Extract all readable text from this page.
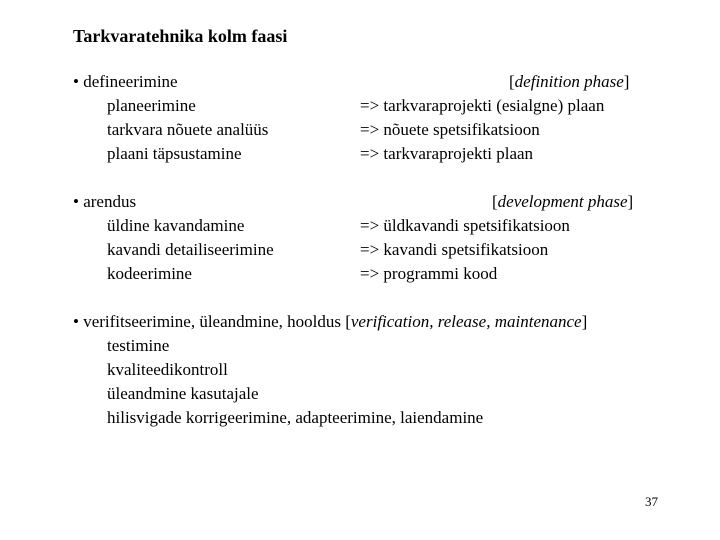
Tarkvaratehnika kolm faasi
• defineerimine	[definition phase]
planeerimine	=> tarkvaraprojekti (esialgne) plaan
tarkvara nõuete analüüs	=> nõuete spetsifikatsioon
plaani täpsustamine	=> tarkvaraprojekti plaan
• arendus	[development phase]
üldine kavandamine	=> üldkavandi spetsifikatsioon
kavandi detailiseerimine	=> kavandi spetsifikatsioon
kodeerimine	=> programmi kood
• verifitseerimine, üleandmine, hooldus [verification, release, maintenance]
testimine
kvaliteedikontroll
üleandmine kasutajale
hilisvigade korrigeerimine, adapteerimine, laiendamine
37
